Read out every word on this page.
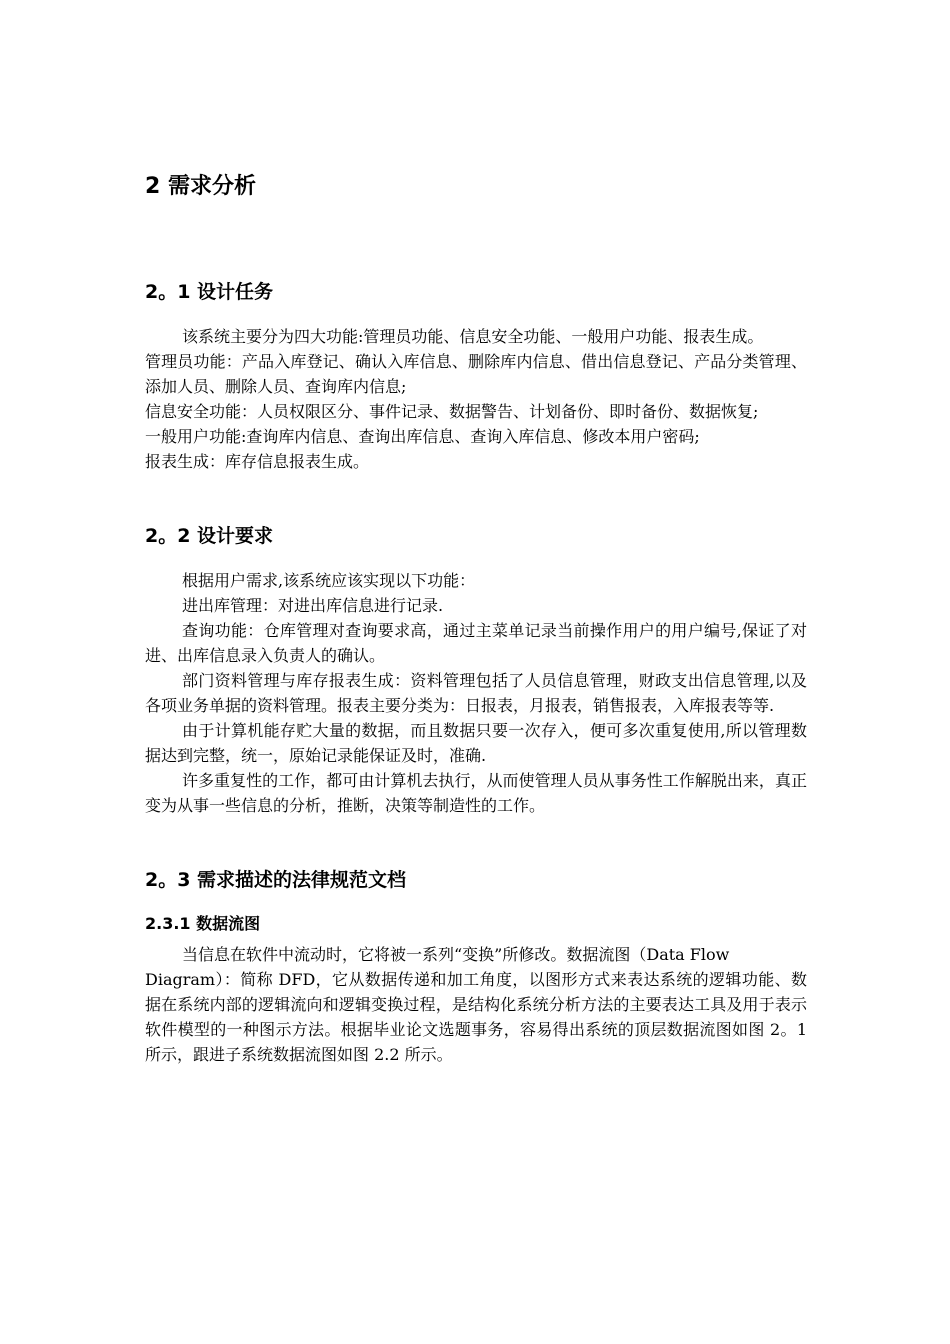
2 需求分析
2。1 设计任务

该系统主要分为四大功能:管理员功能、信息安全功能、一般用户功能、报表生成。

管理员功能：产品入库登记、确认入库信息、删除库内信息、借出信息登记、产品分类管理、添加人员、删除人员、查询库内信息;

信息安全功能：人员权限区分、事件记录、数据警告、计划备份、即时备份、数据恢复;

一般用户功能:查询库内信息、查询出库信息、查询入库信息、修改本用户密码;

报表生成：库存信息报表生成。

2。2 设计要求

根据用户需求,该系统应该实现以下功能：

进出库管理：对进出库信息进行记录.

查询功能：仓库管理对查询要求高，通过主菜单记录当前操作用户的用户编号,保证了对进、出库信息录入负责人的确认。

部门资料管理与库存报表生成：资料管理包括了人员信息管理，财政支出信息管理,以及各项业务单据的资料管理。报表主要分类为：日报表，月报表，销售报表，入库报表等等.

由于计算机能存贮大量的数据，而且数据只要一次存入，便可多次重复使用,所以管理数据达到完整，统一，原始记录能保证及时，准确.

许多重复性的工作，都可由计算机去执行，从而使管理人员从事务性工作解脱出来，真正变为从事一些信息的分析，推断，决策等制造性的工作。

2。3 需求描述的法律规范文档
2.3.1 数据流图

当信息在软件中流动时，它将被一系列“变换”所修改。数据流图（Data Flow

Diagram）：简称 DFD，它从数据传递和加工角度，以图形方式来表达系统的逻辑功能、数据在系统内部的逻辑流向和逻辑变换过程，是结构化系统分析方法的主要表达工具及用于表示软件模型的一种图示方法。根据毕业论文选题事务，容易得出系统的顶层数据流图如图 2。1 所示，跟进子系统数据流图如图 2.2 所示。
